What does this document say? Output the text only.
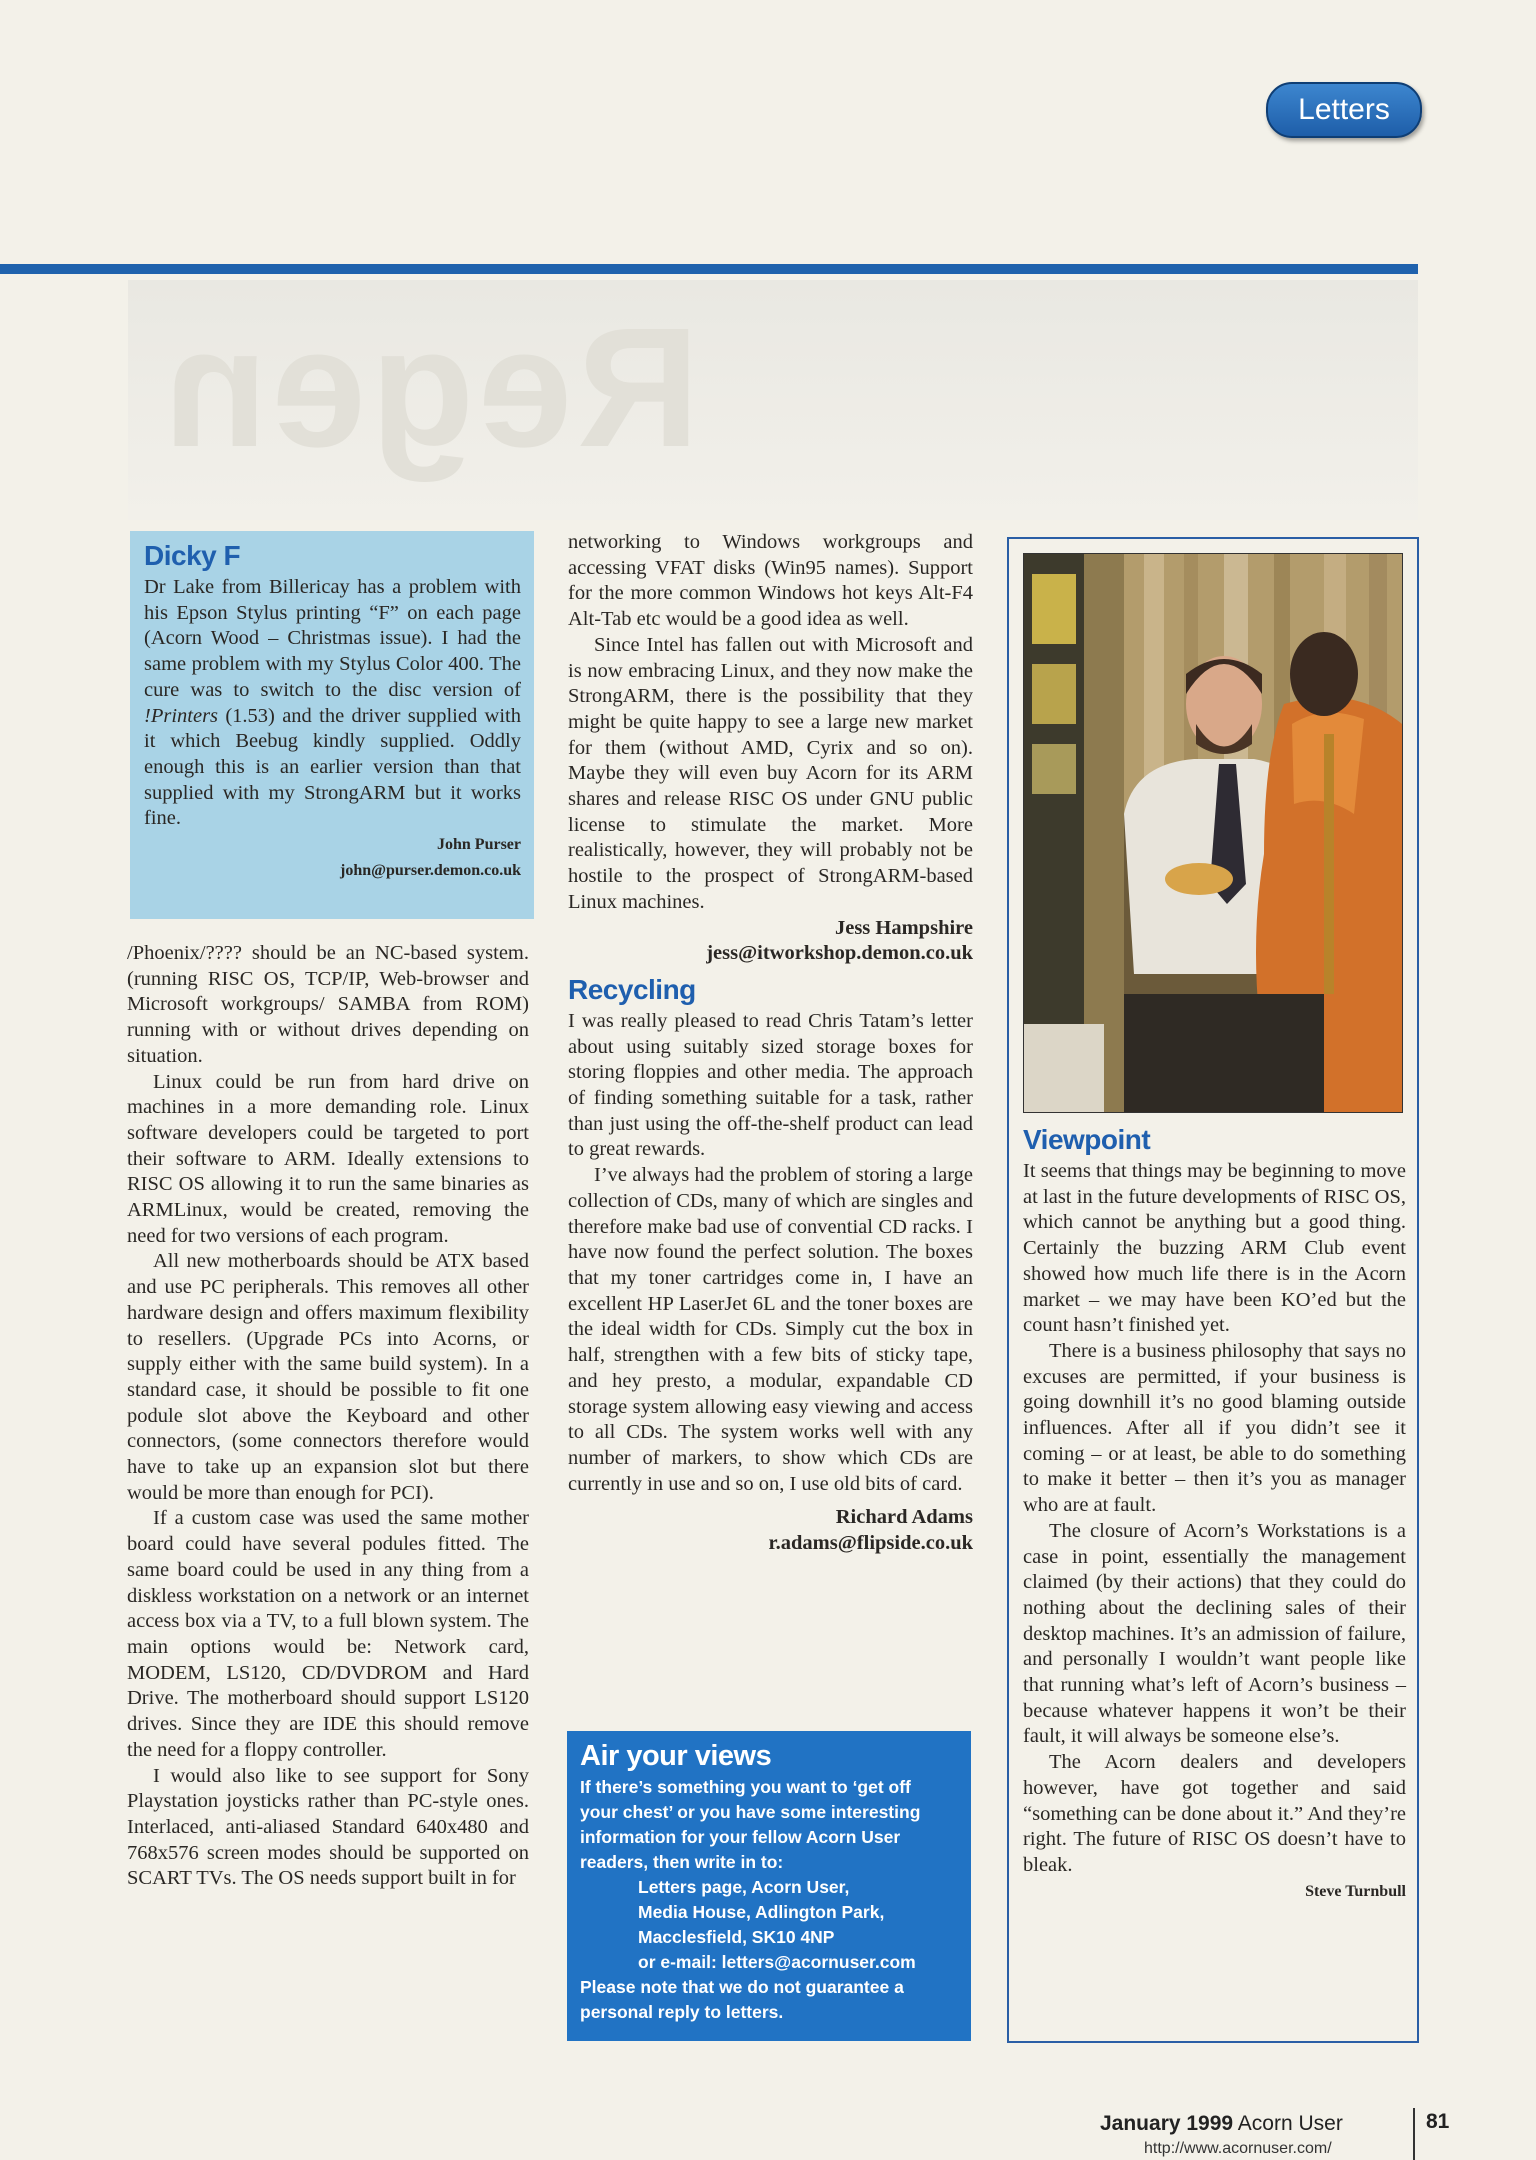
Regen
Letters
Dicky F

Dr Lake from Billericay has a problem with his Epson Stylus printing “F” on each page (Acorn Wood – Christmas issue). I had the same problem with my Stylus Color 400. The cure was to switch to the disc version of !Printers (1.53) and the driver supplied with it which Beebug kindly supplied. Oddly enough this is an earlier version than that supplied with my StrongARM but it works fine.

John Purser
john@purser.demon.co.uk

/Phoenix/???? should be an NC-based system. (running RISC OS, TCP/IP, Web-browser and Microsoft workgroups/ SAMBA from ROM) running with or without drives depending on situation.

Linux could be run from hard drive on machines in a more demanding role. Linux software developers could be targeted to port their software to ARM. Ideally extensions to RISC OS allowing it to run the same binaries as ARMLinux, would be created, removing the need for two versions of each program.

All new motherboards should be ATX based and use PC peripherals. This removes all other hardware design and offers maximum flexibility to resellers. (Upgrade PCs into Acorns, or supply either with the same build system). In a standard case, it should be possible to fit one podule slot above the Keyboard and other connectors, (some connectors therefore would have to take up an expansion slot but there would be more than enough for PCI).

If a custom case was used the same mother board could have several podules fitted. The same board could be used in any thing from a diskless workstation on a network or an internet access box via a TV, to a full blown system. The main options would be: Network card, MODEM, LS120, CD/DVDROM and Hard Drive. The motherboard should support LS120 drives. Since they are IDE this should remove the need for a floppy controller.

I would also like to see support for Sony Playstation joysticks rather than PC-style ones. Interlaced, anti-aliased Standard 640x480 and 768x576 screen modes should be supported on SCART TVs. The OS needs support built in for

networking to Windows workgroups and accessing VFAT disks (Win95 names). Support for the more common Windows hot keys Alt-F4 Alt-Tab etc would be a good idea as well.

Since Intel has fallen out with Microsoft and is now embracing Linux, and they now make the StrongARM, there is the possibility that they might be quite happy to see a large new market for them (without AMD, Cyrix and so on). Maybe they will even buy Acorn for its ARM shares and release RISC OS under GNU public license to stimulate the market. More realistically, however, they will probably not be hostile to the prospect of StrongARM-based Linux machines.

Jess Hampshire
jess@itworkshop.demon.co.uk
Recycling

I was really pleased to read Chris Tatam’s letter about using suitably sized storage boxes for storing floppies and other media. The approach of finding something suitable for a task, rather than just using the off-the-shelf product can lead to great rewards.

I’ve always had the problem of storing a large collection of CDs, many of which are singles and therefore make bad use of convential CD racks. I have now found the perfect solution. The boxes that my toner cartridges come in, I have an excellent HP LaserJet 6L and the toner boxes are the ideal width for CDs. Simply cut the box in half, strengthen with a few bits of sticky tape, and hey presto, a modular, expandable CD storage system allowing easy viewing and access to all CDs. The system works well with any number of markers, to show which CDs are currently in use and so on, I use old bits of card.

Richard Adams
r.adams@flipside.co.uk
Air your views
If there’s something you want to ‘get off
your chest’ or you have some interesting
information for your fellow Acorn User
readers, then write in to:
Letters page, Acorn User,
Media House, Adlington Park,
Macclesfield, SK10 4NP
or e-mail: letters@acornuser.com
Please note that we do not guarantee a
personal reply to letters.
Viewpoint

It seems that things may be beginning to move at last in the future developments of RISC OS, which cannot be anything but a good thing. Certainly the buzzing ARM Club event showed how much life there is in the Acorn market – we may have been KO’ed but the count hasn’t finished yet.

There is a business philosophy that says no excuses are permitted, if your business is going downhill it’s no good blaming outside influences. After all if you didn’t see it coming – or at least, be able to do something to make it better – then it’s you as manager who are at fault.

The closure of Acorn’s Workstations is a case in point, essentially the management claimed (by their actions) that they could do nothing about the declining sales of their desktop machines. It’s an admission of failure, and personally I wouldn’t want people like that running what’s left of Acorn’s business – because whatever happens it won’t be their fault, it will always be someone else’s.

The Acorn dealers and developers however, have got together and said “something can be done about it.” And they’re right. The future of RISC OS doesn’t have to bleak.

Steve Turnbull
January 1999 Acorn User
http://www.acornuser.com/
81
